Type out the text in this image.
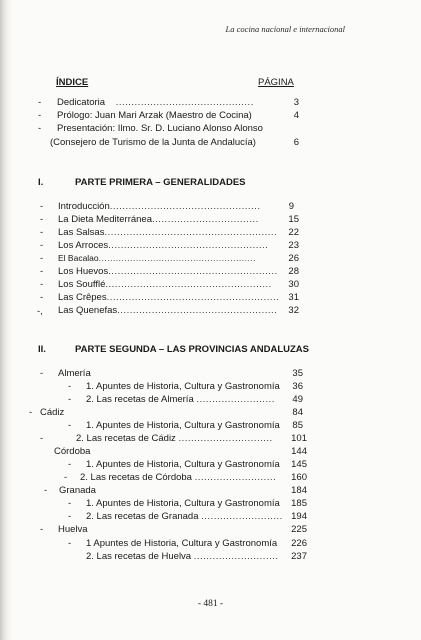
La cocina nacional e internacional
ÍNDICE	PÁGINA
- Dedicatoria ............................................	3
- Prólogo: Juan Mari Arzak (Maestro de Cocina)	4
- Presentación: Ilmo. Sr. D. Luciano Alonso Alonso
(Consejero de Turismo de la Junta de Andalucía)	6
I.	PARTE PRIMERA – GENERALIDADES
- Introducción................................................	9
- La Dieta Mediterránea..................................	15
- Las Salsas.......................................................	22
- Los Arroces...................................................	23
- El Bacalao.......................................................	26
- Los Huevos......................................................	28
- Los Soufflé.....................................................	30
- Las Crêpes....................................................... 31
-, Las Quenefas...................................................	32
II.	PARTE SEGUNDA – LAS PROVINCIAS ANDALUZAS
- Almería	35
- 1. Apuntes de Historia, Cultura y Gastronomía	36
- 2. Las recetas de Almería .........................	49
- Cádiz	84
- 1. Apuntes de Historia, Cultura y Gastronomía	85
-	2. Las recetas de Cádiz ..............................	101
Córdoba	144
- 1. Apuntes de Historia, Cultura y Gastronomía	145
- 2. Las recetas de Córdoba ..........................	160
- Granada	184
- 1. Apuntes de Historia, Cultura y Gastronomía	185
- 2. Las recetas de Granada .......................... 194
- Huelva	225
- 1 Apuntes de Historia, Cultura y Gastronomía	226
2. Las recetas de Huelva ...........................	237
- 481 -
